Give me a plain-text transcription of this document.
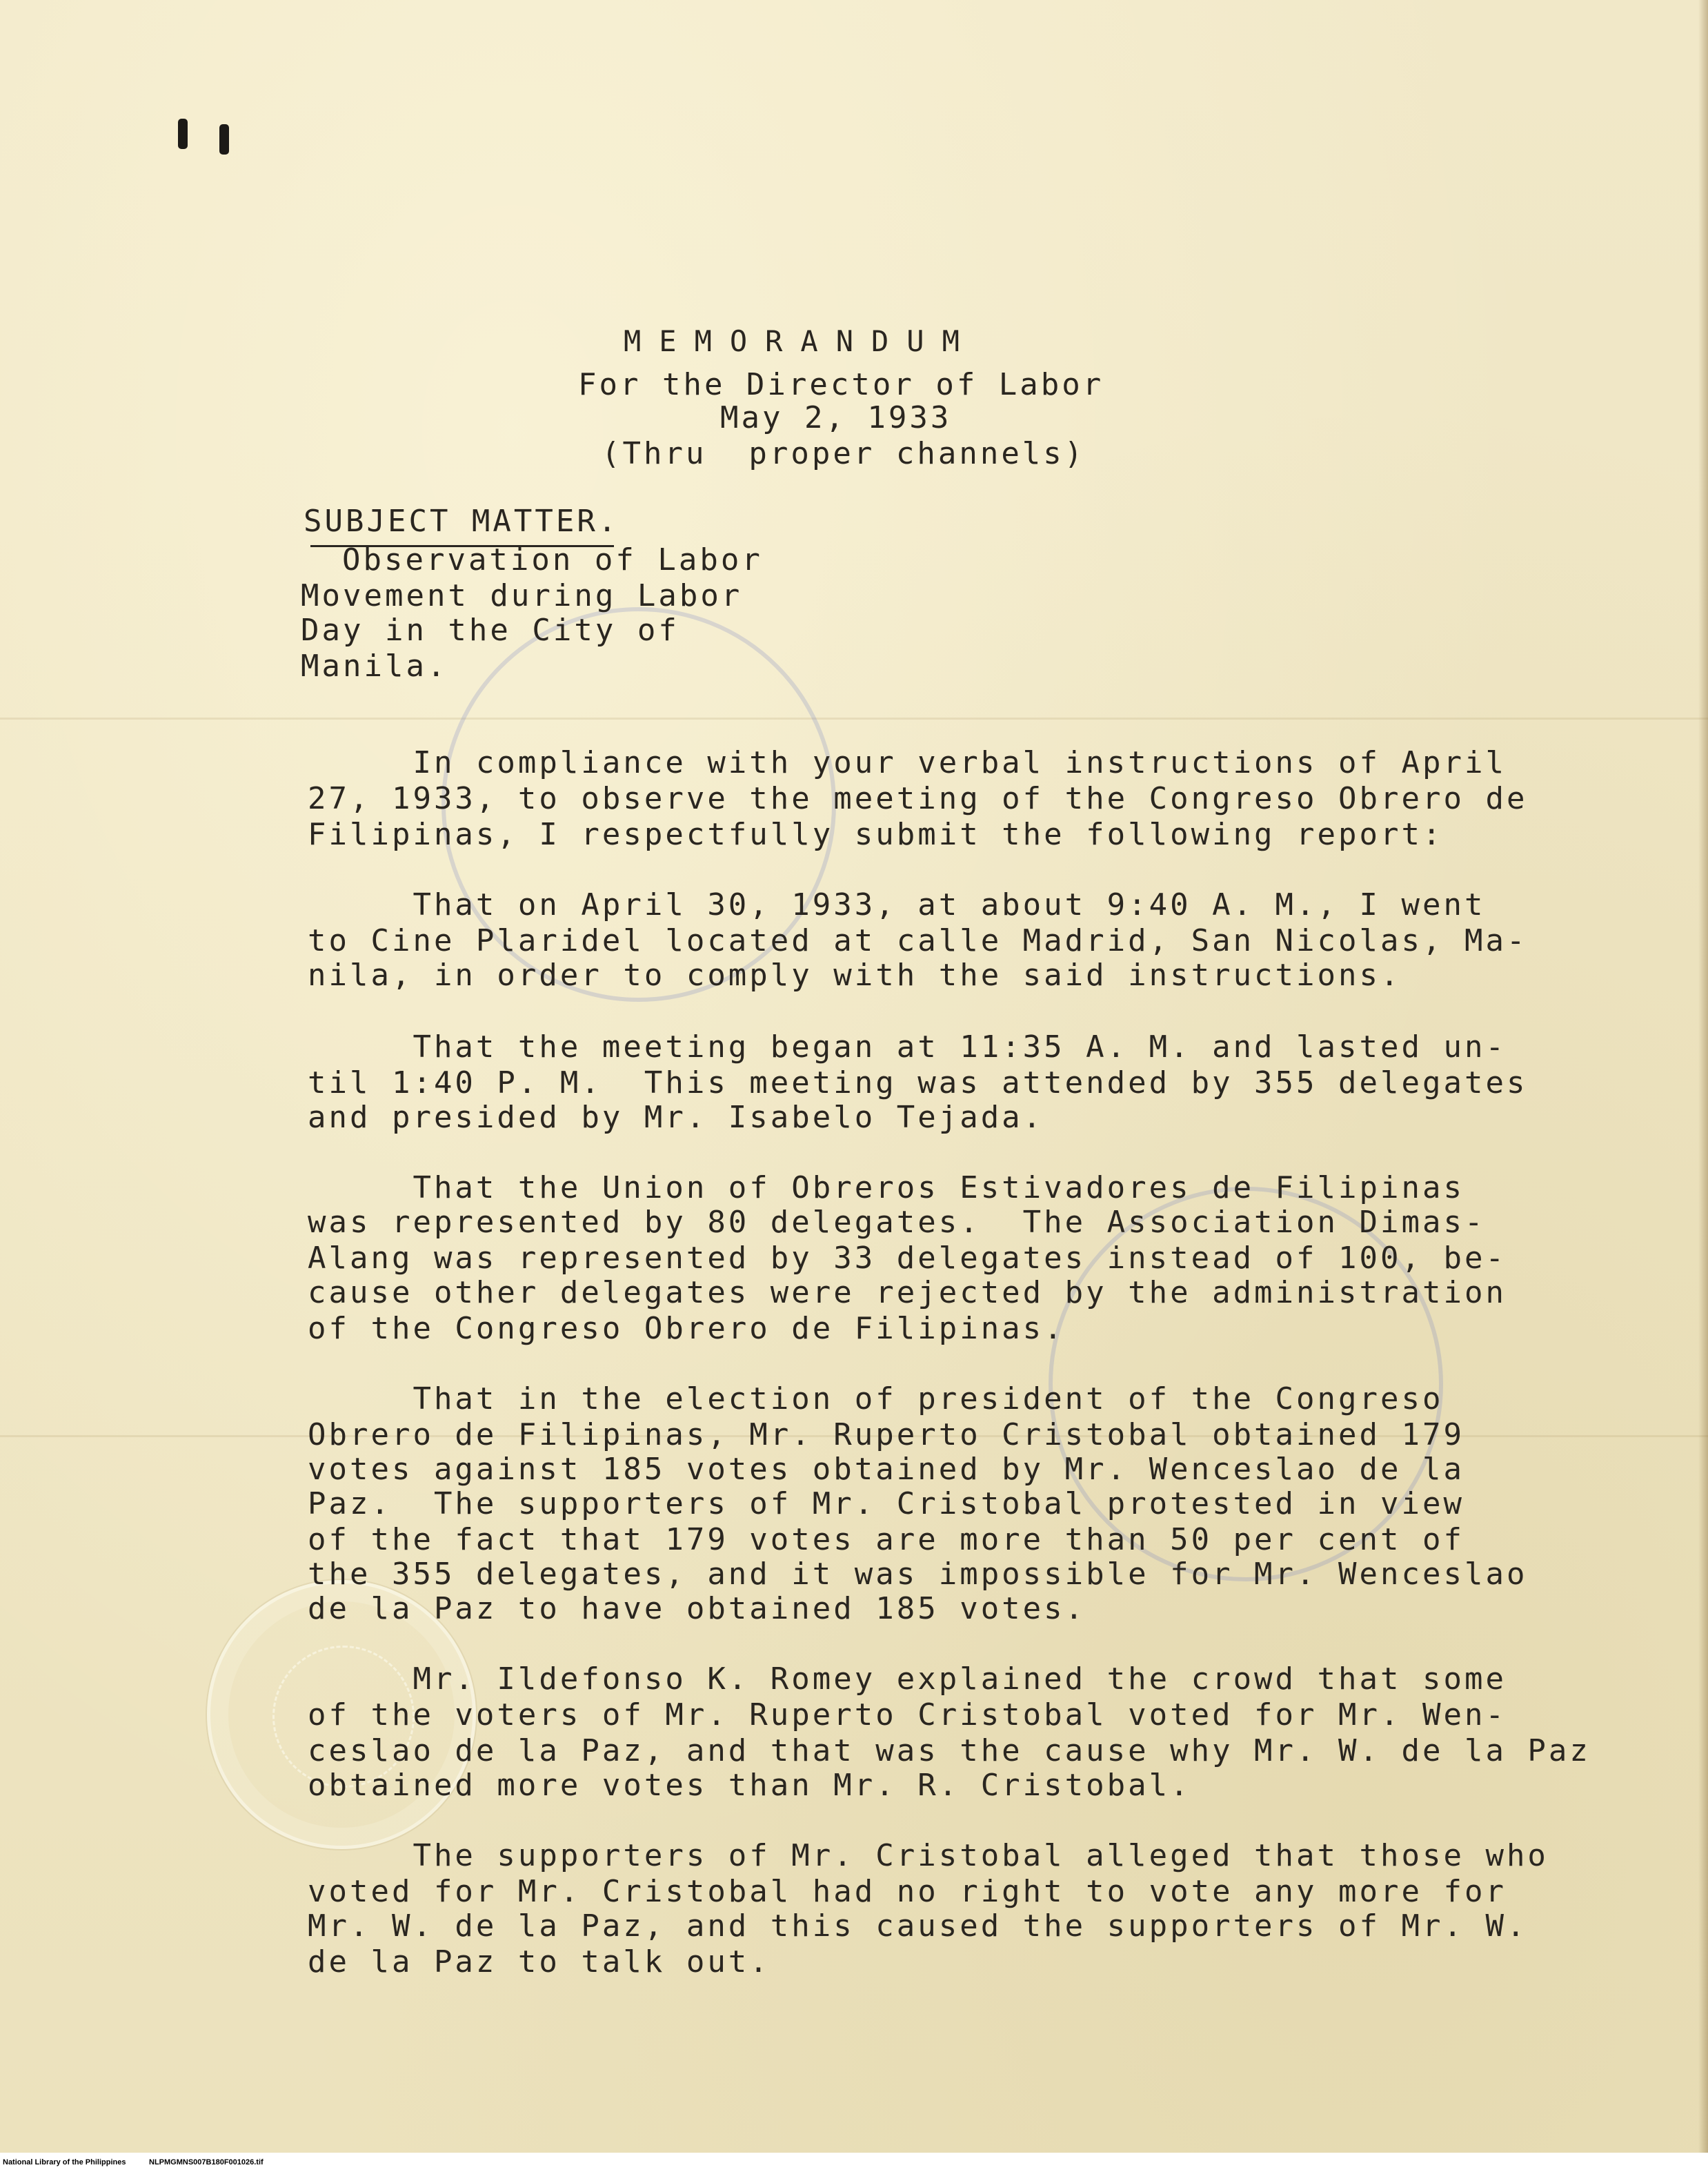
MEMORANDUM
For the Director of Labor
May 2, 1933
(Thru  proper channels)
SUBJECT MATTER.
Observation of Labor
Movement during Labor
Day in the City of
Manila.
In compliance with your verbal instructions of April
27, 1933, to observe the meeting of the Congreso Obrero de
Filipinas, I respectfully submit the following report:
That on April 30, 1933, at about 9:40 A. M., I went
to Cine Plaridel located at calle Madrid, San Nicolas, Ma-
nila, in order to comply with the said instructions.
That the meeting began at 11:35 A. M. and lasted un-
til 1:40 P. M.  This meeting was attended by 355 delegates
and presided by Mr. Isabelo Tejada.
That the Union of Obreros Estivadores de Filipinas
was represented by 80 delegates.  The Association Dimas-
Alang was represented by 33 delegates instead of 100, be-
cause other delegates were rejected by the administration
of the Congreso Obrero de Filipinas.
That in the election of president of the Congreso
Obrero de Filipinas, Mr. Ruperto Cristobal obtained 179
votes against 185 votes obtained by Mr. Wenceslao de la
Paz.  The supporters of Mr. Cristobal protested in view
of the fact that 179 votes are more than 50 per cent of
the 355 delegates, and it was impossible for Mr. Wenceslao
de la Paz to have obtained 185 votes.
Mr. Ildefonso K. Romey explained the crowd that some
of the voters of Mr. Ruperto Cristobal voted for Mr. Wen-
ceslao de la Paz, and that was the cause why Mr. W. de la Paz
obtained more votes than Mr. R. Cristobal.
The supporters of Mr. Cristobal alleged that those who
voted for Mr. Cristobal had no right to vote any more for
Mr. W. de la Paz, and this caused the supporters of Mr. W.
de la Paz to talk out.
National Library of the Philippines	NLPMGMNS007B180F001026.tif
